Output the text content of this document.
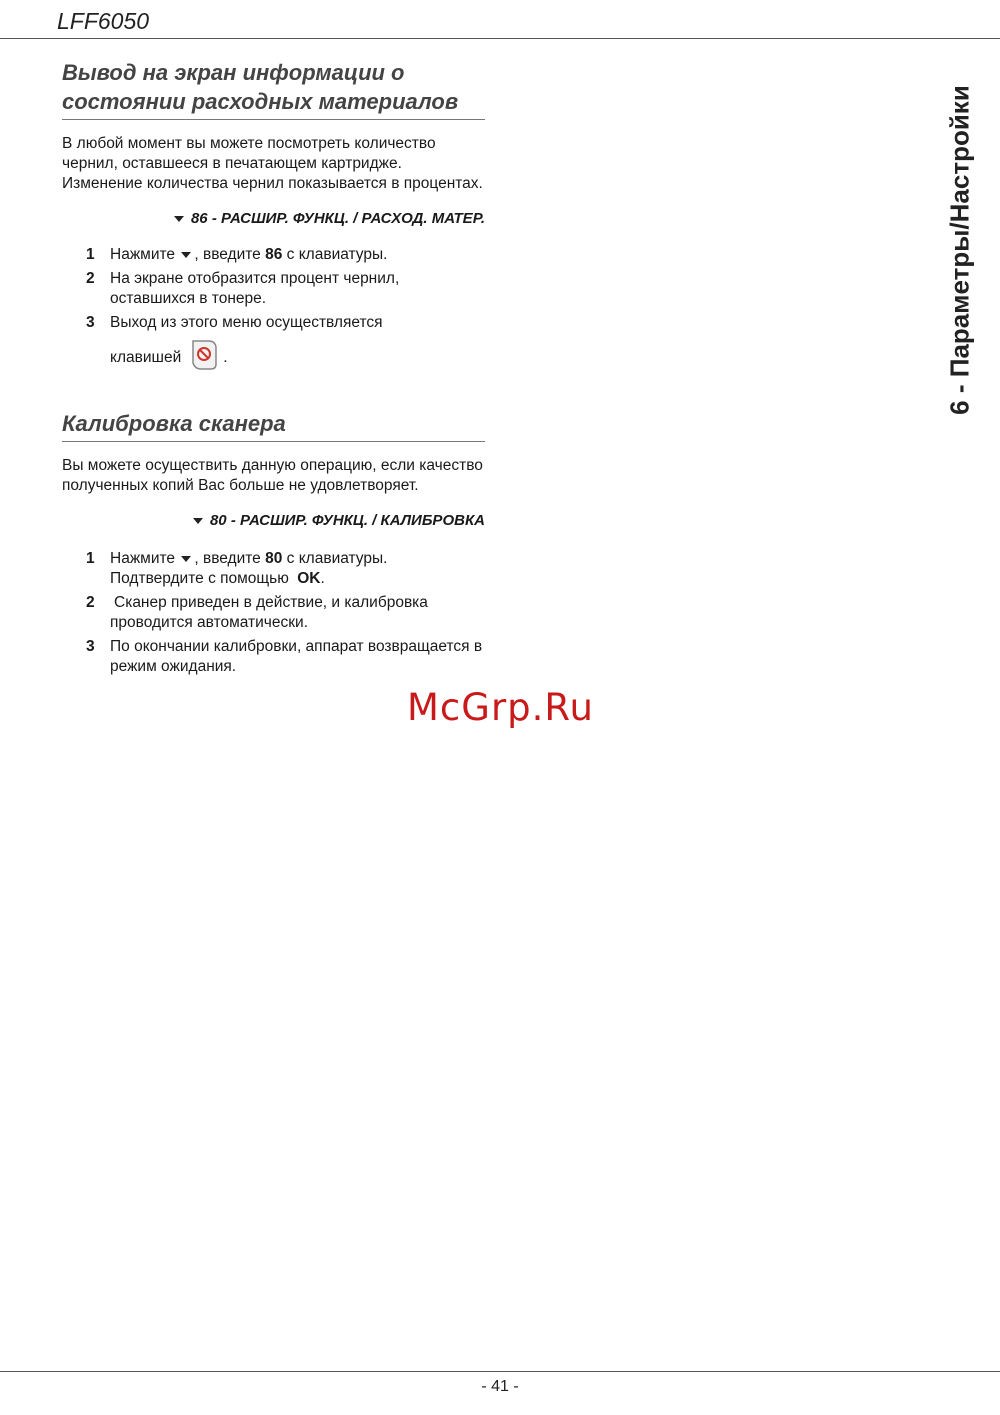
LFF6050
6 - Параметры/Настройки
Вывод на экран информации о
состоянии расходных материалов

В любой момент вы можете посмотреть количество чернил, оставшееся в печатающем картридже. Изменение количества чернил показывается в процентах.

86 - РАСШИР. ФУНКЦ. / РАСХОД. МАТЕР.

1 Нажмите , введите 86 с клавиатуры.
2 На экране отобразится процент чернил, оставшихся в тонере.
3 Выход из этого меню осуществляется

клавишей	.
Калибровка сканера

Вы можете осуществить данную операцию, если качество полученных копий Вас больше не удовлетворяет.

80 - РАСШИР. ФУНКЦ. / КАЛИБРОВКА

1 Нажмите , введите 80 с клавиатуры.
Подтвердите с помощью OK.
2 Сканер приведен в действие, и калибровка проводится автоматически.
3 По окончании калибровки, аппарат возвращается в режим ожидания.
McGrp.Ru
- 41 -
